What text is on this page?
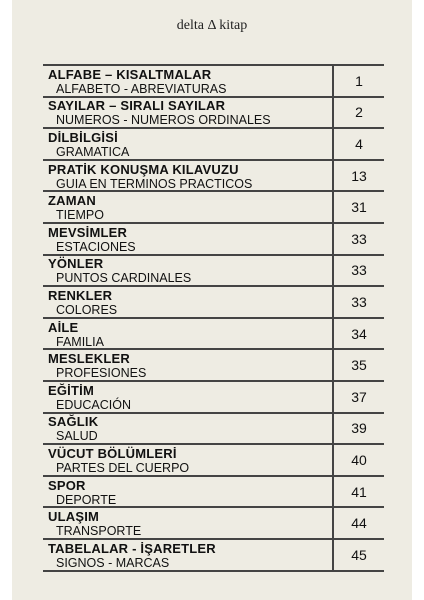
delta Δ kitap
ALFABE – KISALTMALAR
ALFABETO - ABREVIATURAS	1
SAYILAR – SIRALI SAYILAR
NUMEROS - NUMEROS ORDINALES	2
DİLBİLGİSİ
GRAMATICA	4
PRATİK KONUŞMA KILAVUZU
GUIA EN TERMINOS PRACTICOS	13
ZAMAN
TIEMPO	31
MEVSİMLER
ESTACIONES	33
YÖNLER
PUNTOS CARDINALES	33
RENKLER
COLORES	33
AİLE
FAMILIA	34
MESLEKLER
PROFESIONES	35
EĞİTİM
EDUCACIÓN	37
SAĞLIK
SALUD	39
VÜCUT BÖLÜMLERİ
PARTES DEL CUERPO	40
SPOR
DEPORTE	41
ULAŞIM
TRANSPORTE	44
TABELALAR - İŞARETLER
SIGNOS - MARCAS	45
